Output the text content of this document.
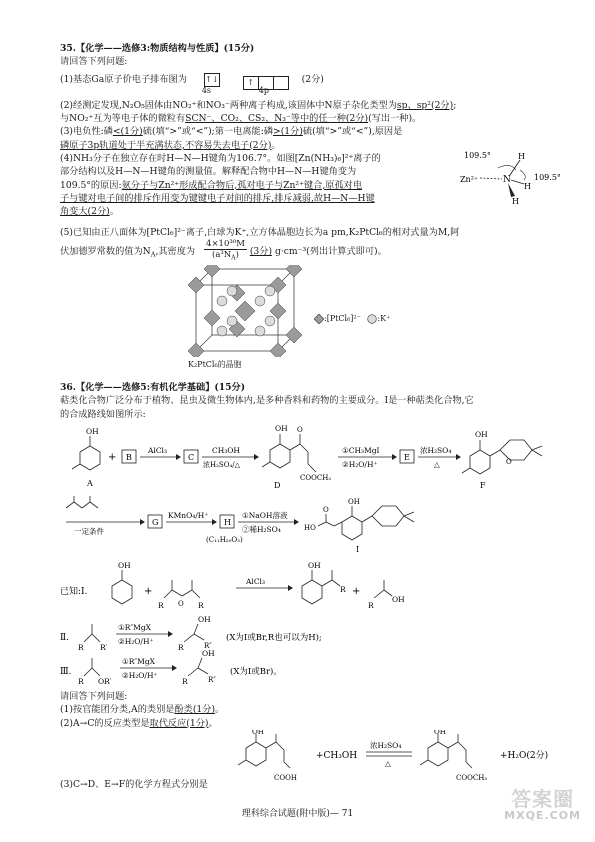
35.【化学——选修3:物质结构与性质】(15分)
请回答下列问题:
(1)基态Ga原子价电子排布图为 ↑↓
4s

↑
4p
(2分)
(2)经测定发现,N₂O₅固体由NO₂⁺和NO₃⁻两种离子构成,该固体中N原子杂化类型为sp、sp²(2分);
与NO₂⁺互为等电子体的微粒有SCN⁻、CO₂、CS₂、N₃⁻等中的任一种(2分)(写出一种)。
(3)电负性:磷<(1分)硫(填“>”或“<”);第一电离能:磷>(1分)硫(填“>”或“<”),原因是
磷原子3p轨道处于半充满状态,不容易失去电子(2分)。
(4)NH₃分子在独立存在时H—N—H键角为106.7°。如图[Zn(NH₃)₆]²⁺离子的
部分结构以及H—N—H键角的测量值。解释配合物中H—N—H键角变为
109.5°的原因:氨分子与Zn²⁺形成配合物后,孤对电子与Zn²⁺键合,原孤对电
子与键对电子间的排斥作用变为键键电子对间的排斥,排斥减弱,故H—N—H键
角变大(2分)。
109.5°
109.5°
Zn²⁺	N
H
H
H
(5)已知由正八面体为[PtCl₆]²⁻离子,白球为K⁺,立方体晶胞边长为a pm,K₂PtCl₆的相对式量为M,阿
伏加德罗常数的值为$N_A$,其密度为 $\frac{\text{4×10³⁰M}}{(a^3N_A)} (3$分) g·cm⁻³(列出计算式即可)。
K₂PtCl₆的晶胞
:[PtCl₆]²⁻ :K⁺
36.【化学——选修5:有机化学基础】(15分)
萜类化合物广泛分布于植物、昆虫及微生物体内,是多种香料和药物的主要成分。I是一种萜类化合物,它
的合成路线如图所示:
OH
A
+ B
AlCl₃
C
CH₃OH
浓H₂SO₄/△
OH O
COOCH₃
D
①CH₃MgI
②H₂O/H⁺
E
浓H₂SO₄
△
OH
O
F
一定条件
G
KMnO₄/H⁺
H
(C₁₁H₂₀O₃)
①NaOH溶液
②稀H₂SO₄	HO
O
OH
I
已知:Ⅰ.
OH
+
R O R
AlCl₃
OH
R +
R
OH
Ⅱ.
R R′
①R″MgX
②H₂O/H⁺
R
OH
R″
(X为I或Br,R也可以为H);
Ⅲ.
R OR′
①R″MgX
②H₂O/H⁺
R
OH
R″
(X为I或Br)。
请回答下列问题:
(1)按官能团分类,A的类别是酚类(1分)。
(2)A→C的反应类型是取代反应(1分)。
OH
COOH
+CH₃OH
浓H₂SO₄
△
OH
COOCH₃
+H₂O(2分)
(3)C→D、E→F的化学方程式分别是
理科综合试题(附中版)— 71
答案圈
MXQE.COM
